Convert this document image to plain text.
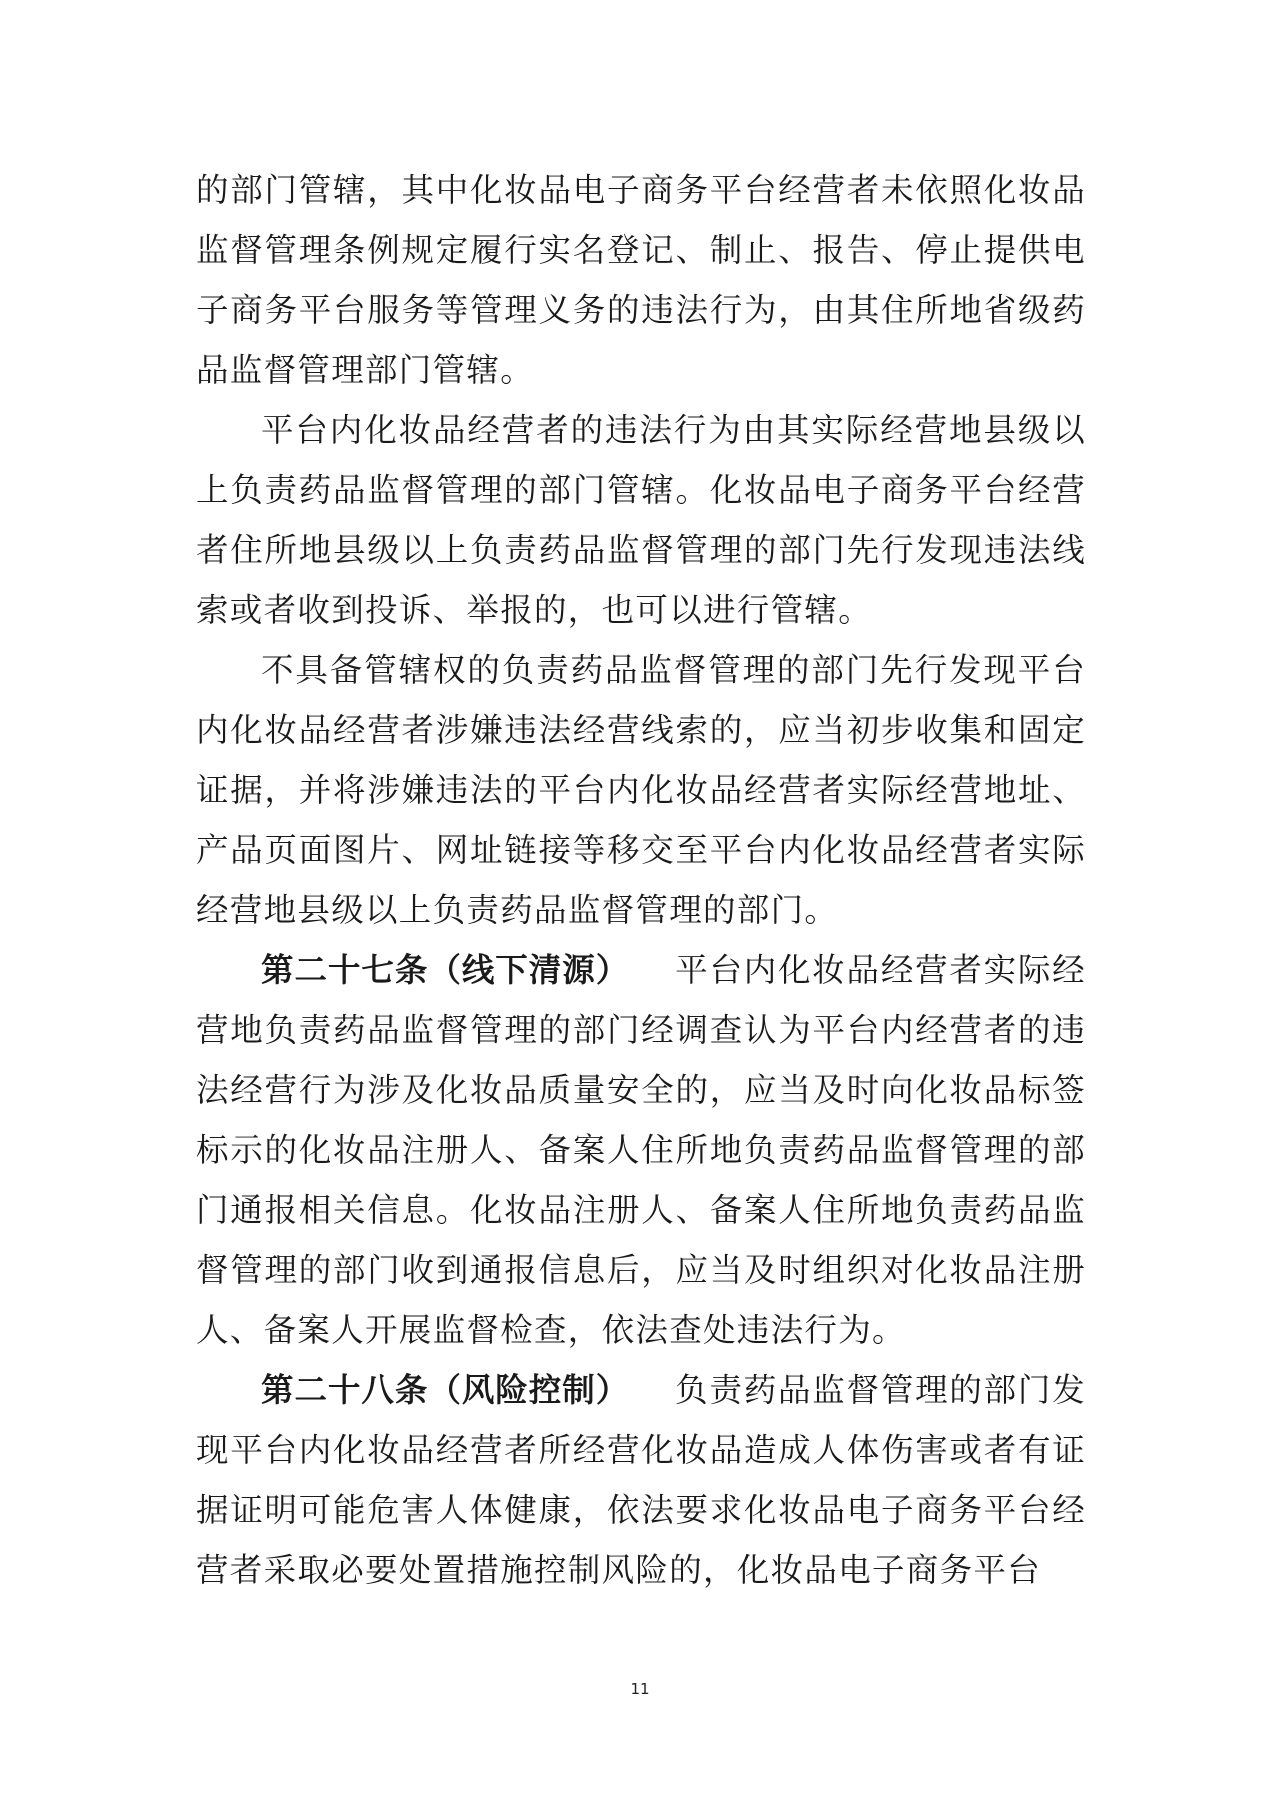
的部门管辖，其中化妆品电子商务平台经营者未依照化妆品监督管理条例规定履行实名登记、制止、报告、停止提供电子商务平台服务等管理义务的违法行为，由其住所地省级药品监督管理部门管辖。

平台内化妆品经营者的违法行为由其实际经营地县级以上负责药品监督管理的部门管辖。化妆品电子商务平台经营者住所地县级以上负责药品监督管理的部门先行发现违法线索或者收到投诉、举报的，也可以进行管辖。

不具备管辖权的负责药品监督管理的部门先行发现平台内化妆品经营者涉嫌违法经营线索的，应当初步收集和固定证据，并将涉嫌违法的平台内化妆品经营者实际经营地址、产品页面图片、网址链接等移交至平台内化妆品经营者实际经营地县级以上负责药品监督管理的部门。

第二十七条（线下清源） 平台内化妆品经营者实际经营地负责药品监督管理的部门经调查认为平台内经营者的违法经营行为涉及化妆品质量安全的，应当及时向化妆品标签标示的化妆品注册人、备案人住所地负责药品监督管理的部门通报相关信息。化妆品注册人、备案人住所地负责药品监督管理的部门收到通报信息后，应当及时组织对化妆品注册人、备案人开展监督检查，依法查处违法行为。

第二十八条（风险控制） 负责药品监督管理的部门发现平台内化妆品经营者所经营化妆品造成人体伤害或者有证据证明可能危害人体健康，依法要求化妆品电子商务平台经营者采取必要处置措施控制风险的，化妆品电子商务平台

11
